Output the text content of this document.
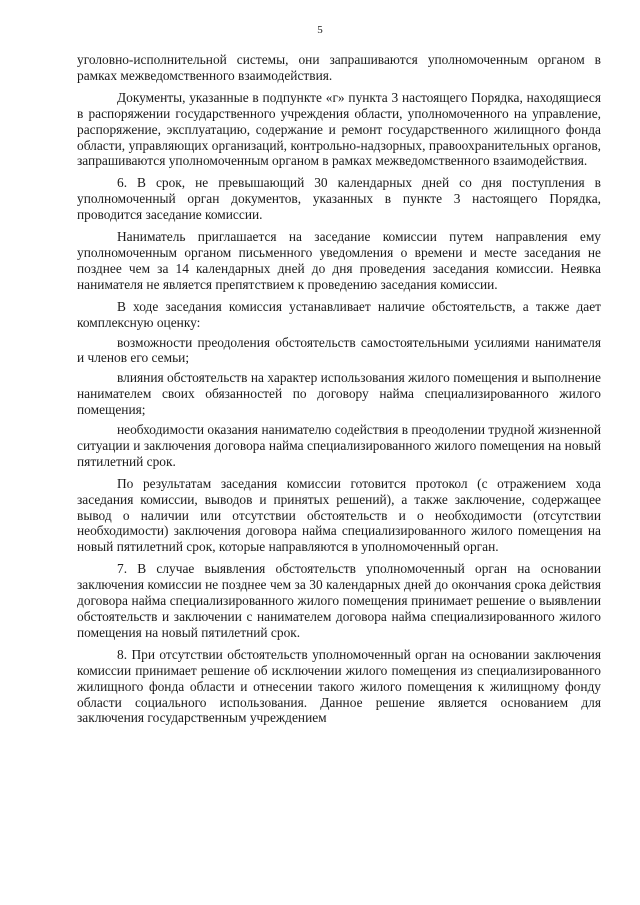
5

уголовно-исполнительной системы, они запрашиваются уполномоченным органом в рамках межведомственного взаимодействия.

Документы, указанные в подпункте «г» пункта 3 настоящего Порядка, находящиеся в распоряжении государственного учреждения области, уполномоченного на управление, распоряжение, эксплуатацию, содержание и ремонт государственного жилищного фонда области, управляющих организаций, контрольно-надзорных, правоохранительных органов, запрашиваются уполномоченным органом в рамках межведомственного взаимодействия.

6. В срок, не превышающий 30 календарных дней со дня поступления в уполномоченный орган документов, указанных в пункте 3 настоящего Порядка, проводится заседание комиссии.

Наниматель приглашается на заседание комиссии путем направления ему уполномоченным органом письменного уведомления о времени и месте заседания не позднее чем за 14 календарных дней до дня проведения заседания комиссии. Неявка нанимателя не является препятствием к проведению заседания комиссии.

В ходе заседания комиссия устанавливает наличие обстоятельств, а также дает комплексную оценку:

возможности преодоления обстоятельств самостоятельными усилиями нанимателя и членов его семьи;

влияния обстоятельств на характер использования жилого помещения и выполнение нанимателем своих обязанностей по договору найма специализированного жилого помещения;

необходимости оказания нанимателю содействия в преодолении трудной жизненной ситуации и заключения договора найма специализированного жилого помещения на новый пятилетний срок.

По результатам заседания комиссии готовится протокол (с отражением хода заседания комиссии, выводов и принятых решений), а также заключение, содержащее вывод о наличии или отсутствии обстоятельств и о необходимости (отсутствии необходимости) заключения договора найма специализированного жилого помещения на новый пятилетний срок, которые направляются в уполномоченный орган.

7. В случае выявления обстоятельств уполномоченный орган на основании заключения комиссии не позднее чем за 30 календарных дней до окончания срока действия договора найма специализированного жилого помещения принимает решение о выявлении обстоятельств и заключении с нанимателем договора найма специализированного жилого помещения на новый пятилетний срок.

8. При отсутствии обстоятельств уполномоченный орган на основании заключения комиссии принимает решение об исключении жилого помещения из специализированного жилищного фонда области и отнесении такого жилого помещения к жилищному фонду области социального использования. Данное решение является основанием для заключения государственным учреждением
